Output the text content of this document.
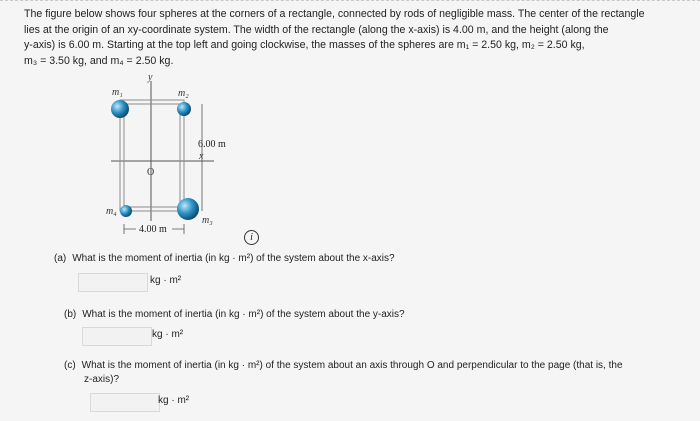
The figure below shows four spheres at the corners of a rectangle, connected by rods of negligible mass. The center of the rectangle
lies at the origin of an xy-coordinate system. The width of the rectangle (along the x-axis) is 4.00 m, and the height (along the
y-axis) is 6.00 m. Starting at the top left and going clockwise, the masses of the spheres are m₁ = 2.50 kg, m₂ = 2.50 kg,
m₃ = 3.50 kg, and m₄ = 2.50 kg.
y
x
O
6.00 m
4.00 m
m₁	m₂
m₃
m₄
i
(a) What is the moment of inertia (in kg · m²) of the system about the x-axis?
kg · m²
(b) What is the moment of inertia (in kg · m²) of the system about the y-axis?
kg · m²
(c) What is the moment of inertia (in kg · m²) of the system about an axis through O and perpendicular to the page (that is, the
z-axis)?
kg · m²
